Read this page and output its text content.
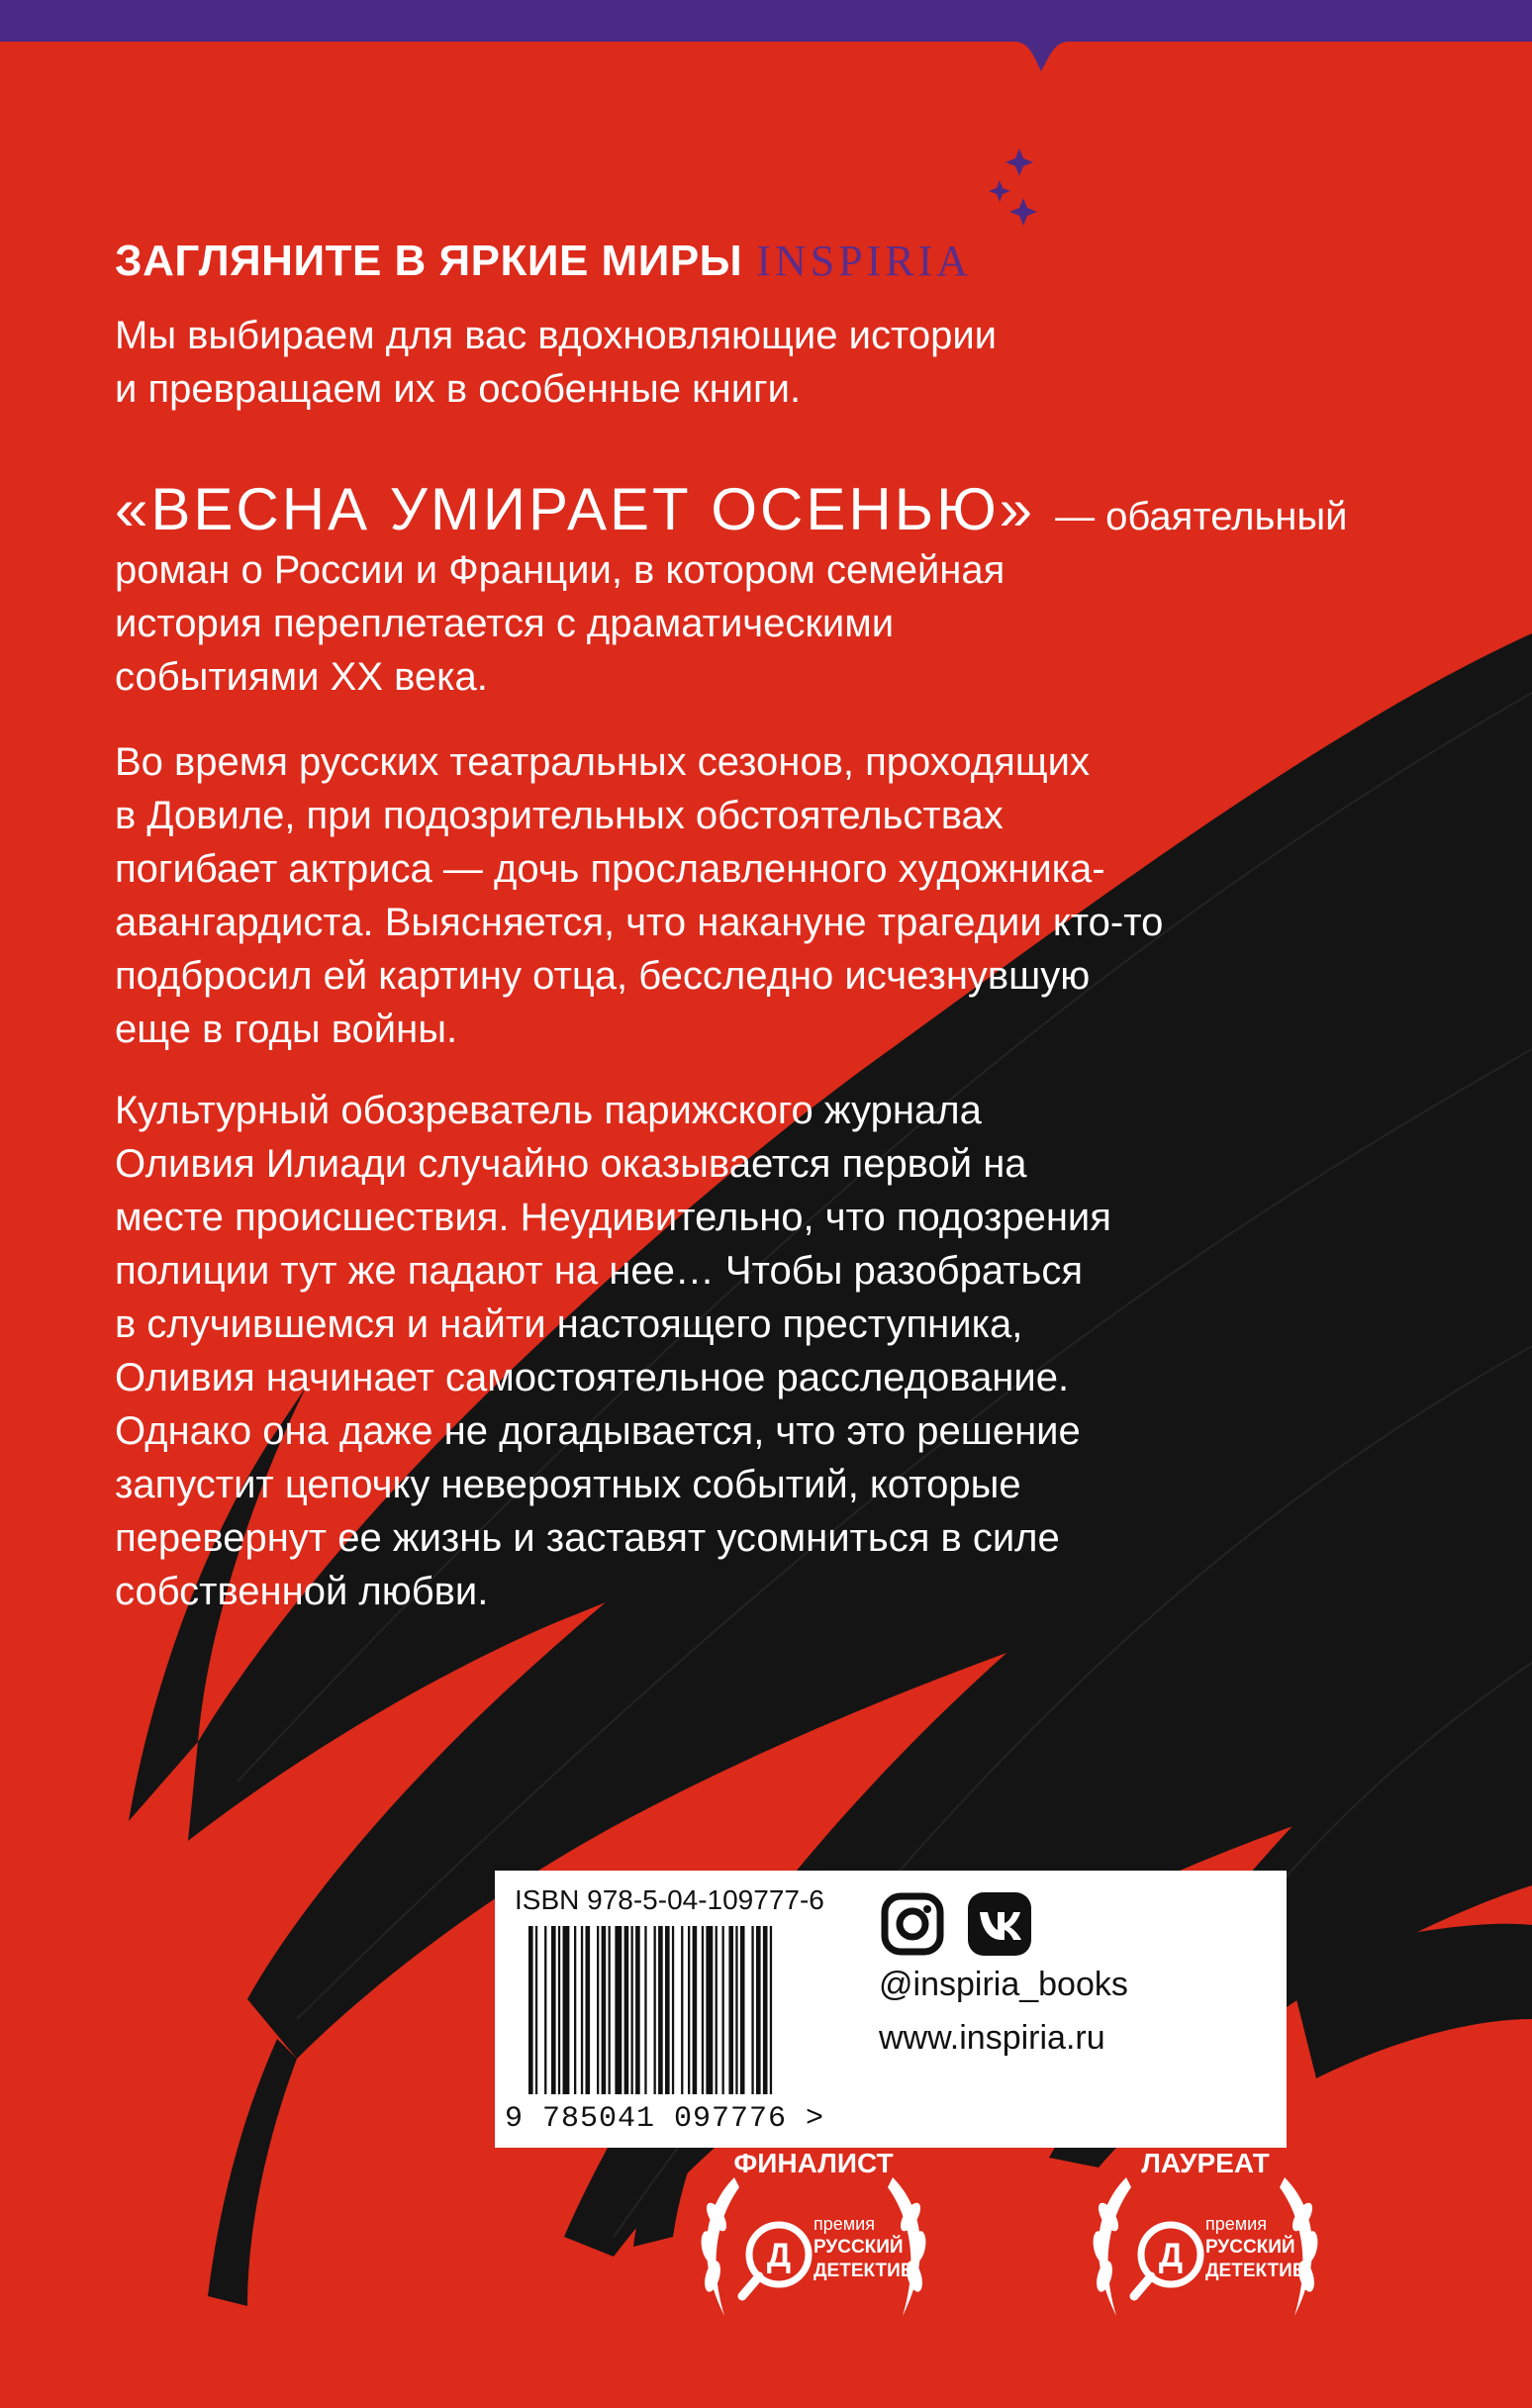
ЗАГЛЯНИТЕ В ЯРКИЕ МИРЫ INSPIRIA
Мы выбираем для вас вдохновляющие истории
и превращаем их в особенные книги.
«ВЕСНА УМИРАЕТ ОСЕНЬЮ» — обаятельный
роман о России и Франции, в котором семейная
история переплетается с драматическими
событиями XX века.
Во время русских театральных сезонов, проходящих
в Довиле, при подозрительных обстоятельствах
погибает актриса — дочь прославленного художника-
авангардиста. Выясняется, что накануне трагедии кто-то
подбросил ей картину отца, бесследно исчезнувшую
еще в годы войны.
Культурный обозреватель парижского журнала
Оливия Илиади случайно оказывается первой на
месте происшествия. Неудивительно, что подозрения
полиции тут же падают на нее… Чтобы разобраться
в случившемся и найти настоящего преступника,
Оливия начинает самостоятельное расследование.
Однако она даже не догадывается, что это решение
запустит цепочку невероятных событий, которые
перевернут ее жизнь и заставят усомниться в силе
собственной любви.
ISBN 978-5-04-109777-6
9 785041 097776 >
@inspiria_books
www.inspiria.ru
Д
ФИНАЛИСТ
премия
РУССКИЙ
ДЕТЕКТИВ	Д
ЛАУРЕАТ
премия
РУССКИЙ
ДЕТЕКТИВ
